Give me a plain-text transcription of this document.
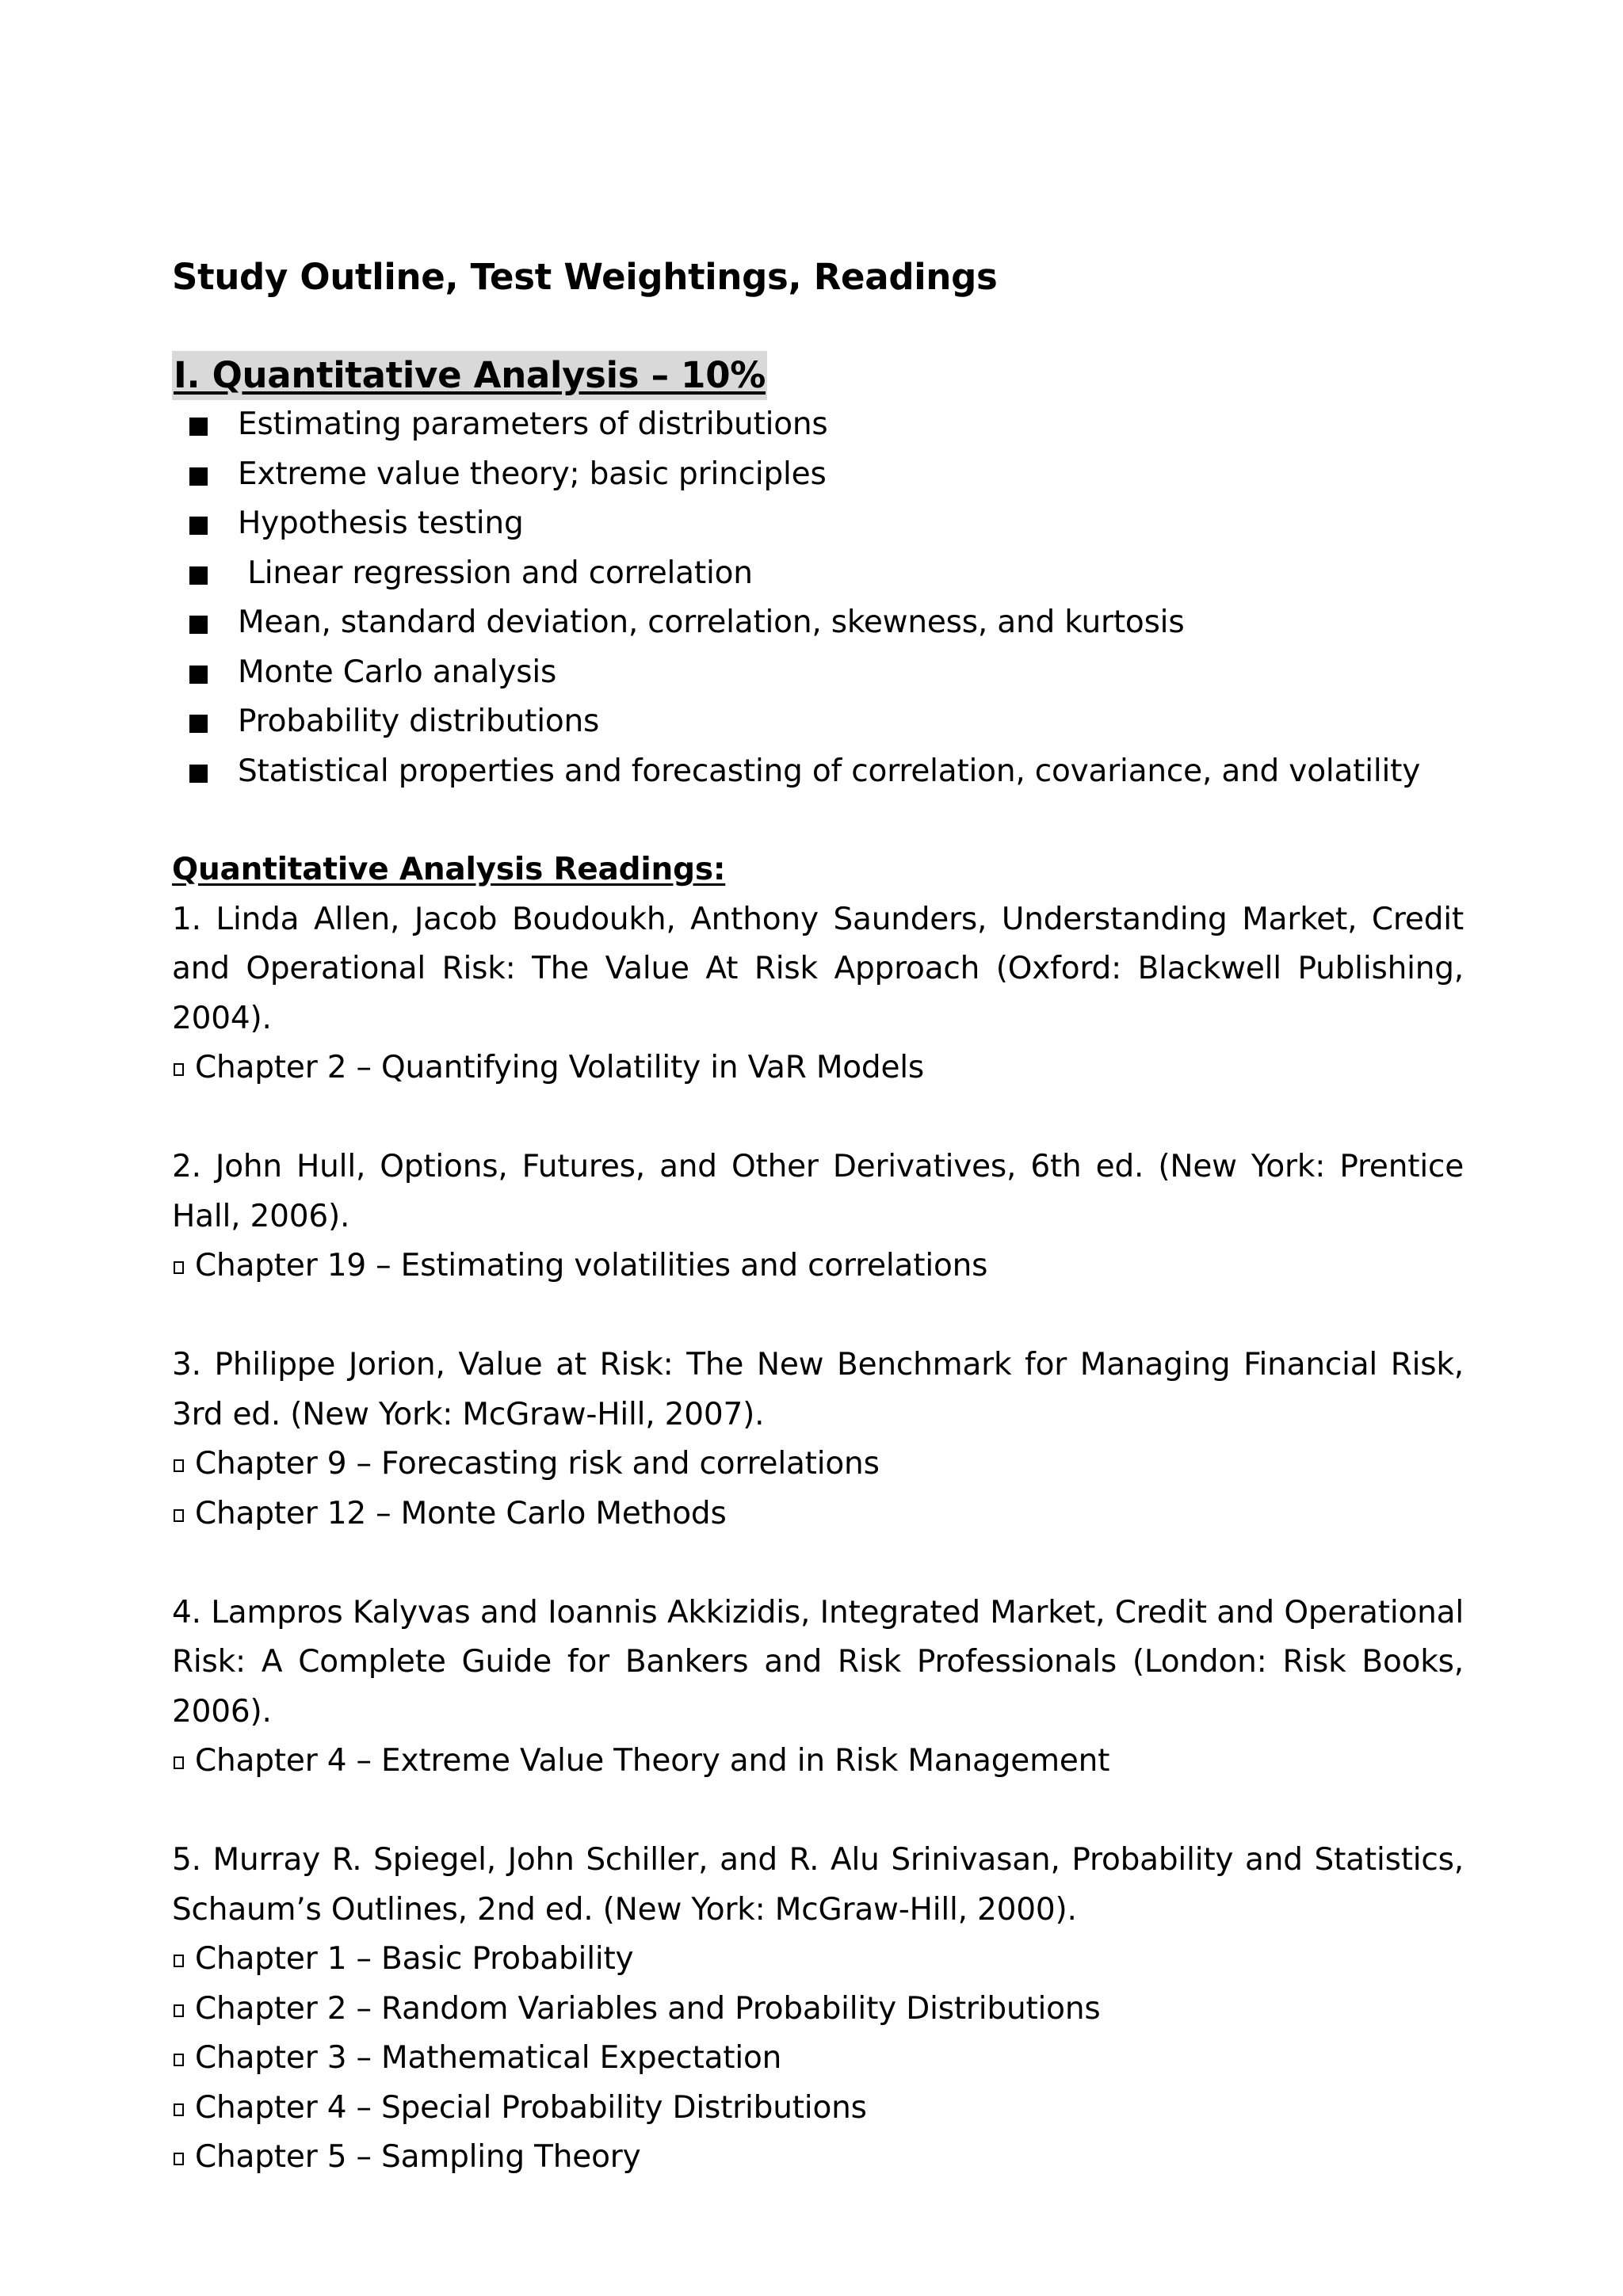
Study Outline, Test Weightings, Readings
I. Quantitative Analysis – 10%
Estimating parameters of distributions
Extreme value theory; basic principles
Hypothesis testing
Linear regression and correlation
Mean, standard deviation, correlation, skewness, and kurtosis
Monte Carlo analysis
Probability distributions
Statistical properties and forecasting of correlation, covariance, and volatility
Quantitative Analysis Readings:

1. Linda Allen, Jacob Boudoukh, Anthony Saunders, Understanding Market, Credit and Operational Risk: The Value At Risk Approach (Oxford: Blackwell Publishing, 2004).

Chapter 2 – Quantifying Volatility in VaR Models

2. John Hull, Options, Futures, and Other Derivatives, 6th ed. (New York: Prentice Hall, 2006).

Chapter 19 – Estimating volatilities and correlations

3. Philippe Jorion, Value at Risk: The New Benchmark for Managing Financial Risk, 3rd ed. (New York: McGraw-Hill, 2007).

Chapter 9 – Forecasting risk and correlations
Chapter 12 – Monte Carlo Methods

4. Lampros Kalyvas and Ioannis Akkizidis, Integrated Market, Credit and Operational Risk: A Complete Guide for Bankers and Risk Professionals (London: Risk Books, 2006).

Chapter 4 – Extreme Value Theory and in Risk Management

5. Murray R. Spiegel, John Schiller, and R. Alu Srinivasan, Probability and Statistics, Schaum’s Outlines, 2nd ed. (New York: McGraw-Hill, 2000).

Chapter 1 – Basic Probability
Chapter 2 – Random Variables and Probability Distributions
Chapter 3 – Mathematical Expectation
Chapter 4 – Special Probability Distributions
Chapter 5 – Sampling Theory
